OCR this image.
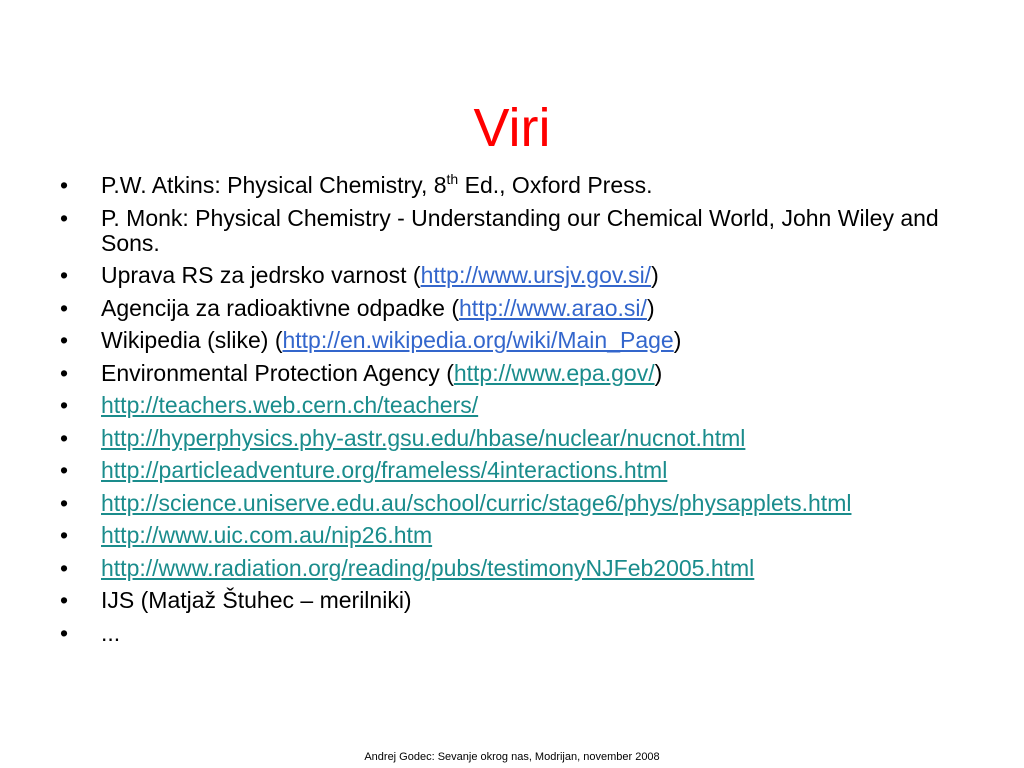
Viri
•	P.W. Atkins: Physical Chemistry, 8th Ed., Oxford Press.
•	P. Monk: Physical Chemistry - Understanding our Chemical World, John Wiley and Sons.
•	Uprava RS za jedrsko varnost (http://www.ursjv.gov.si/)
•	Agencija za radioaktivne odpadke (http://www.arao.si/)
•	Wikipedia (slike) (http://en.wikipedia.org/wiki/Main_Page)
•	Environmental Protection Agency (http://www.epa.gov/)
•	http://teachers.web.cern.ch/teachers/
•	http://hyperphysics.phy-astr.gsu.edu/hbase/nuclear/nucnot.html
•	http://particleadventure.org/frameless/4interactions.html
•	http://science.uniserve.edu.au/school/curric/stage6/phys/physapplets.html
•	http://www.uic.com.au/nip26.htm
•	http://www.radiation.org/reading/pubs/testimonyNJFeb2005.html
•	IJS (Matjaž Štuhec – merilniki)
•	...
Andrej Godec: Sevanje okrog nas, Modrijan, november 2008
